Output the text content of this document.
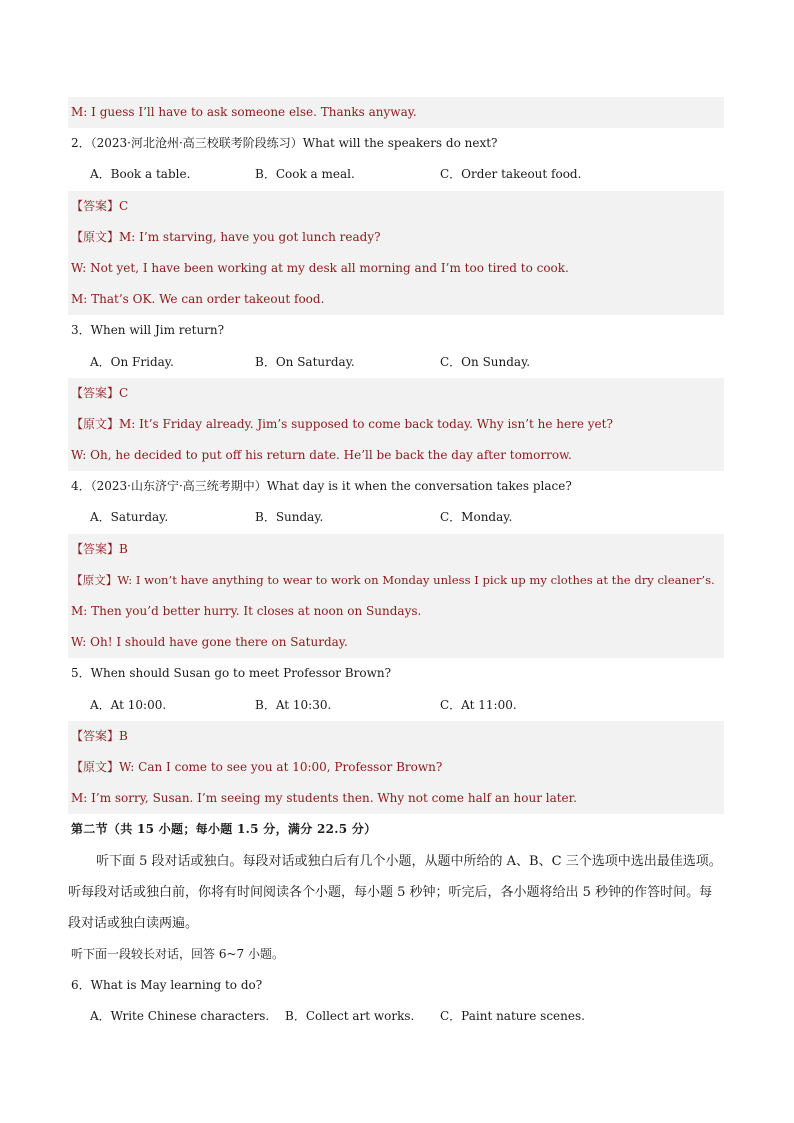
M: I guess I’ll have to ask someone else. Thanks anyway.
2．（2023·河北沧州·高三校联考阶段练习）What will the speakers do next?
A．Book a table.	B．Cook a meal.	C．Order takeout food.
【答案】C
【原文】M: I’m starving, have you got lunch ready?
W: Not yet, I have been working at my desk all morning and I’m too tired to cook.
M: That’s OK. We can order takeout food.
3．When will Jim return?
A．On Friday.	B．On Saturday.	C．On Sunday.
【答案】C
【原文】M: It’s Friday already. Jim’s supposed to come back today. Why isn’t he here yet?
W: Oh, he decided to put off his return date. He’ll be back the day after tomorrow.
4．（2023·山东济宁·高三统考期中）What day is it when the conversation takes place?
A．Saturday.	B．Sunday.	C．Monday.
【答案】B
【原文】W: I won’t have anything to wear to work on Monday unless I pick up my clothes at the dry cleaner’s.
M: Then you’d better hurry. It closes at noon on Sundays.
W: Oh! I should have gone there on Saturday.
5．When should Susan go to meet Professor Brown?
A．At 10:00.	B．At 10:30.	C．At 11:00.
【答案】B
【原文】W: Can I come to see you at 10:00, Professor Brown?
M: I’m sorry, Susan. I’m seeing my students then. Why not come half an hour later.
第二节（共 15 小题；每小题 1.5 分，满分 22.5 分）
听下面 5 段对话或独白。每段对话或独白后有几个小题，从题中所给的 A、B、C 三个选项中选出最佳选项。听每段对话或独白前，你将有时间阅读各个小题，每小题 5 秒钟；听完后，各小题将给出 5 秒钟的作答时间。每段对话或独白读两遍。
听下面一段较长对话，回答 6~7 小题。
6．What is May learning to do?
A．Write Chinese characters.	B．Collect art works.	C．Paint nature scenes.
